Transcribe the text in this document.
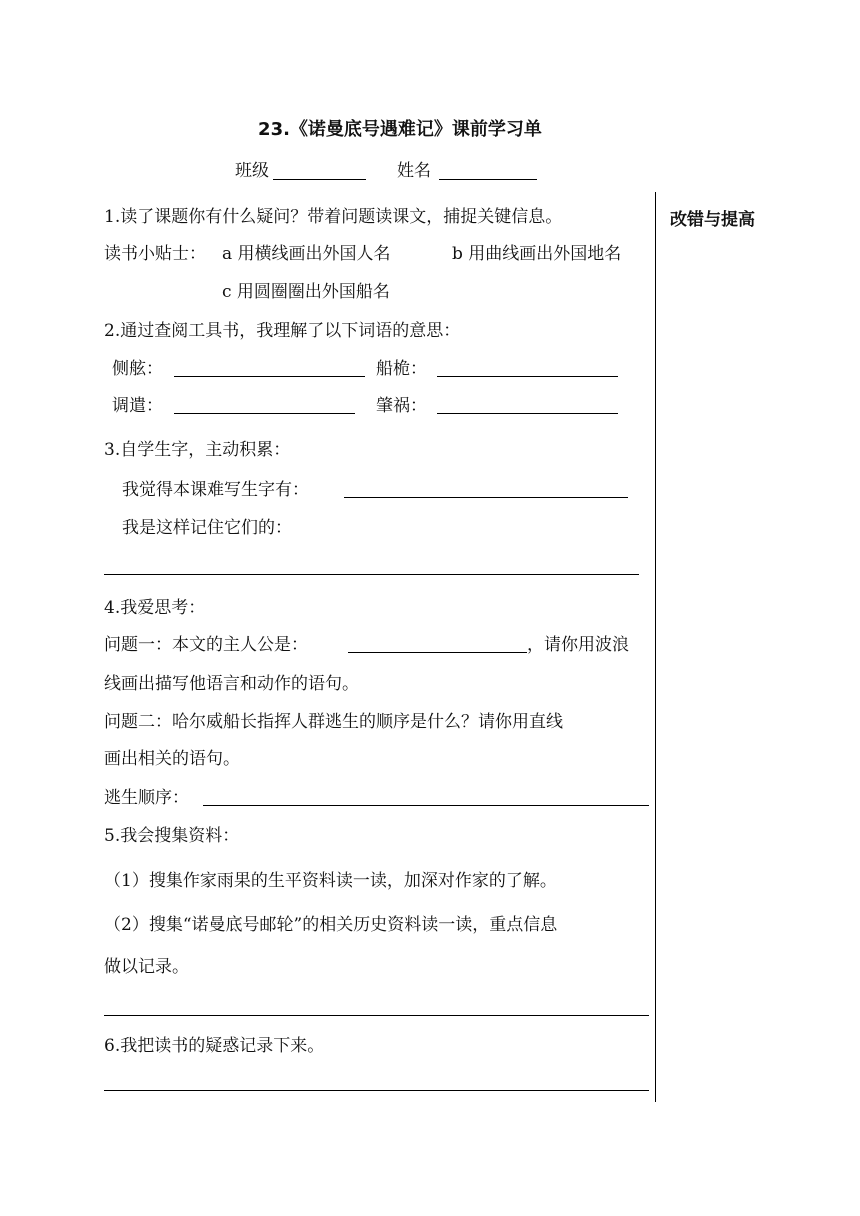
23.《诺曼底号遇难记》课前学习单
班级	姓名
改错与提高
1.读了课题你有什么疑问？带着问题读课文，捕捉关键信息。
读书小贴士： a 用横线画出外国人名	b 用曲线画出外国地名
c 用圆圈圈出外国船名
2.通过查阅工具书，我理解了以下词语的意思：
侧舷：	船桅：
调遣：	肇祸：
3.自学生字，主动积累：
我觉得本课难写生字有：
我是这样记住它们的：
4.我爱思考：
问题一：本文的主人公是：	，请你用波浪
线画出描写他语言和动作的语句。
问题二：哈尔威船长指挥人群逃生的顺序是什么？请你用直线
画出相关的语句。
逃生顺序：
5.我会搜集资料：
（1）搜集作家雨果的生平资料读一读，加深对作家的了解。
（2）搜集“诺曼底号邮轮”的相关历史资料读一读，重点信息
做以记录。
6.我把读书的疑惑记录下来。
